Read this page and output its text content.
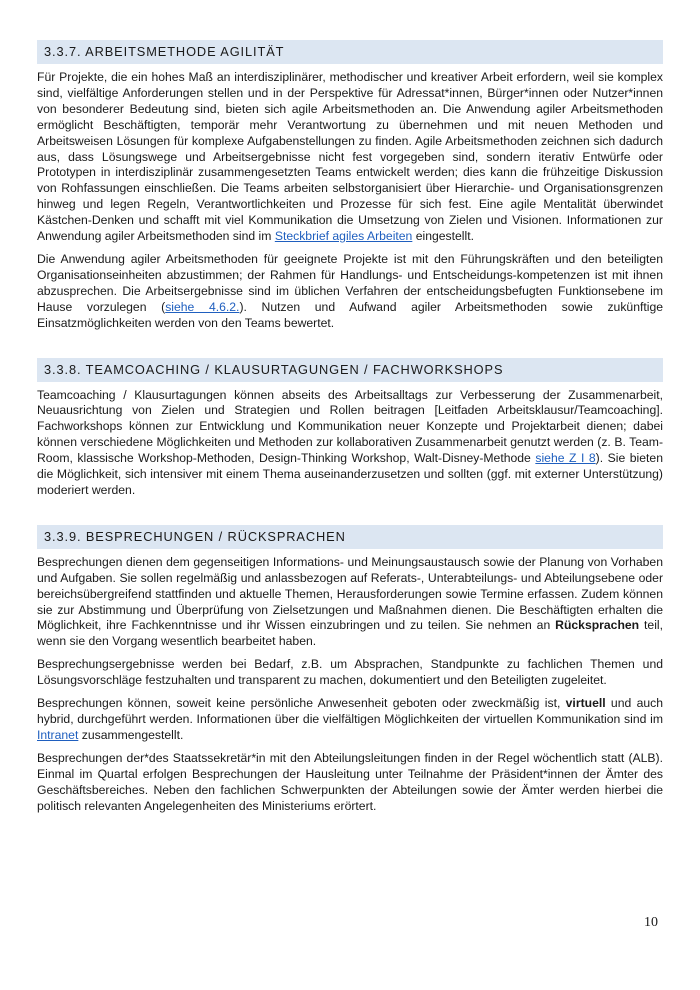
3.3.7. ARBEITSMETHODE AGILITÄT

Für Projekte, die ein hohes Maß an interdisziplinärer, methodischer und kreativer Arbeit erfordern, weil sie komplex sind, vielfältige Anforderungen stellen und in der Perspektive für Adressat*innen, Bürger*innen oder Nutzer*innen von besonderer Bedeutung sind, bieten sich agile Arbeitsmethoden an. Die Anwendung agiler Arbeitsmethoden ermöglicht Beschäftigten, temporär mehr Verantwortung zu übernehmen und mit neuen Methoden und Arbeitsweisen Lösungen für komplexe Aufgabenstellungen zu finden. Agile Arbeitsmethoden zeichnen sich dadurch aus, dass Lösungswege und Arbeitsergebnisse nicht fest vorgegeben sind, sondern iterativ Entwürfe oder Prototypen in interdisziplinär zusammengesetzten Teams entwickelt werden; dies kann die frühzeitige Diskussion von Rohfassungen einschließen. Die Teams arbeiten selbstorganisiert über Hierarchie- und Organisationsgrenzen hinweg und legen Regeln, Verantwortlichkeiten und Prozesse für sich fest. Eine agile Mentalität überwindet Kästchen-Denken und schafft mit viel Kommunikation die Umsetzung von Zielen und Visionen. Informationen zur Anwendung agiler Arbeitsmethoden sind im Steckbrief agiles Arbeiten eingestellt.

Die Anwendung agiler Arbeitsmethoden für geeignete Projekte ist mit den Führungskräften und den beteiligten Organisationseinheiten abzustimmen; der Rahmen für Handlungs- und Entscheidungs-kompetenzen ist mit ihnen abzusprechen. Die Arbeitsergebnisse sind im üblichen Verfahren der entscheidungsbefugten Funktionsebene im Hause vorzulegen (siehe 4.6.2.). Nutzen und Aufwand agiler Arbeitsmethoden sowie zukünftige Einsatzmöglichkeiten werden von den Teams bewertet.

3.3.8. TEAMCOACHING / KLAUSURTAGUNGEN / FACHWORKSHOPS

Teamcoaching / Klausurtagungen können abseits des Arbeitsalltags zur Verbesserung der Zusammenarbeit, Neuausrichtung von Zielen und Strategien und Rollen beitragen [Leitfaden Arbeitsklausur/Teamcoaching]. Fachworkshops können zur Entwicklung und Kommunikation neuer Konzepte und Projektarbeit dienen; dabei können verschiedene Möglichkeiten und Methoden zur kollaborativen Zusammenarbeit genutzt werden (z. B. Team-Room, klassische Workshop-Methoden, Design-Thinking Workshop, Walt-Disney-Methode siehe Z I 8). Sie bieten die Möglichkeit, sich intensiver mit einem Thema auseinanderzusetzen und sollten (ggf. mit externer Unterstützung) moderiert werden.

3.3.9. BESPRECHUNGEN / RÜCKSPRACHEN

Besprechungen dienen dem gegenseitigen Informations- und Meinungsaustausch sowie der Planung von Vorhaben und Aufgaben. Sie sollen regelmäßig und anlassbezogen auf Referats-, Unterabteilungs- und Abteilungsebene oder bereichsübergreifend stattfinden und aktuelle Themen, Herausforderungen sowie Termine erfassen. Zudem können sie zur Abstimmung und Überprüfung von Zielsetzungen und Maßnahmen dienen. Die Beschäftigten erhalten die Möglichkeit, ihre Fachkenntnisse und ihr Wissen einzubringen und zu teilen. Sie nehmen an Rücksprachen teil, wenn sie den Vorgang wesentlich bearbeitet haben.

Besprechungsergebnisse werden bei Bedarf, z.B. um Absprachen, Standpunkte zu fachlichen Themen und Lösungsvorschläge festzuhalten und transparent zu machen, dokumentiert und den Beteiligten zugeleitet.

Besprechungen können, soweit keine persönliche Anwesenheit geboten oder zweckmäßig ist, virtuell und auch hybrid, durchgeführt werden. Informationen über die vielfältigen Möglichkeiten der virtuellen Kommunikation sind im Intranet zusammengestellt.

Besprechungen der*des Staatssekretär*in mit den Abteilungsleitungen finden in der Regel wöchentlich statt (ALB). Einmal im Quartal erfolgen Besprechungen der Hausleitung unter Teilnahme der Präsident*innen der Ämter des Geschäftsbereiches. Neben den fachlichen Schwerpunkten der Abteilungen sowie der Ämter werden hierbei die politisch relevanten Angelegenheiten des Ministeriums erörtert.

10
